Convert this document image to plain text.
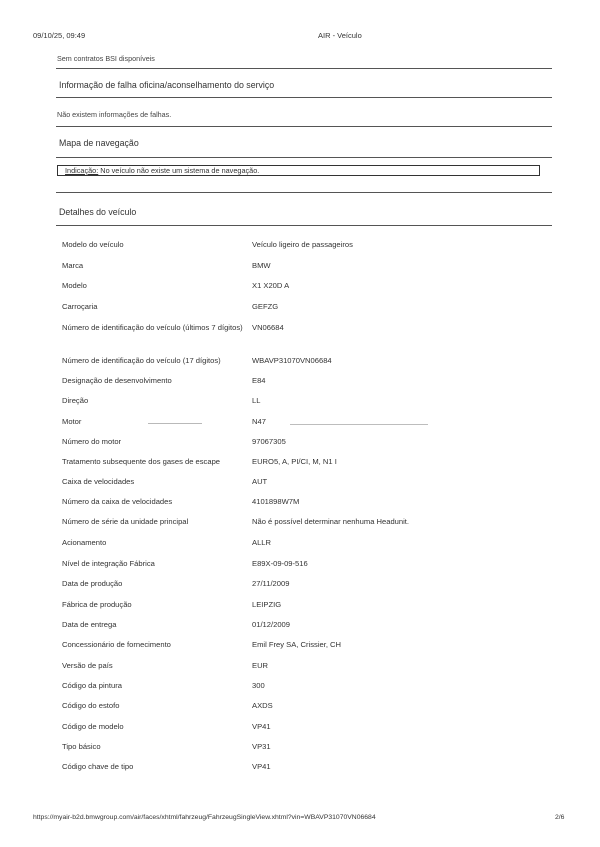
09/10/25, 09:49	AIR - Veículo
Sem contratos BSI disponíveis
Informação de falha oficina/aconselhamento do serviço
Não existem informações de falhas.
Mapa de navegação
Indicação: No veículo não existe um sistema de navegação.
Detalhes do veículo
Modelo do veículo	Veículo ligeiro de passageiros
Marca	BMW
Modelo	X1 X20D A
Carroçaria	GEFZG
Número de identificação do veículo (últimos 7 dígitos)	VN06684
Número de identificação do veículo (17 dígitos)	WBAVP31070VN06684
Designação de desenvolvimento	E84
Direção	LL
Motor	N47
Número do motor	97067305
Tratamento subsequente dos gases de escape	EURO5, A, PI/CI, M, N1 I
Caixa de velocidades	AUT
Número da caixa de velocidades	4101898W7M
Número de série da unidade principal	Não é possível determinar nenhuma Headunit.
Acionamento	ALLR
Nível de integração Fábrica	E89X-09-09-516
Data de produção	27/11/2009
Fábrica de produção	LEIPZIG
Data de entrega	01/12/2009
Concessionário de fornecimento	Emil Frey SA, Crissier, CH
Versão de país	EUR
Código da pintura	300
Código do estofo	AXDS
Código de modelo	VP41
Tipo básico	VP31
Código chave de tipo	VP41
https://myair-b2d.bmwgroup.com/air/faces/xhtml/fahrzeug/FahrzeugSingleView.xhtml?vin=WBAVP31070VN06684	2/6
